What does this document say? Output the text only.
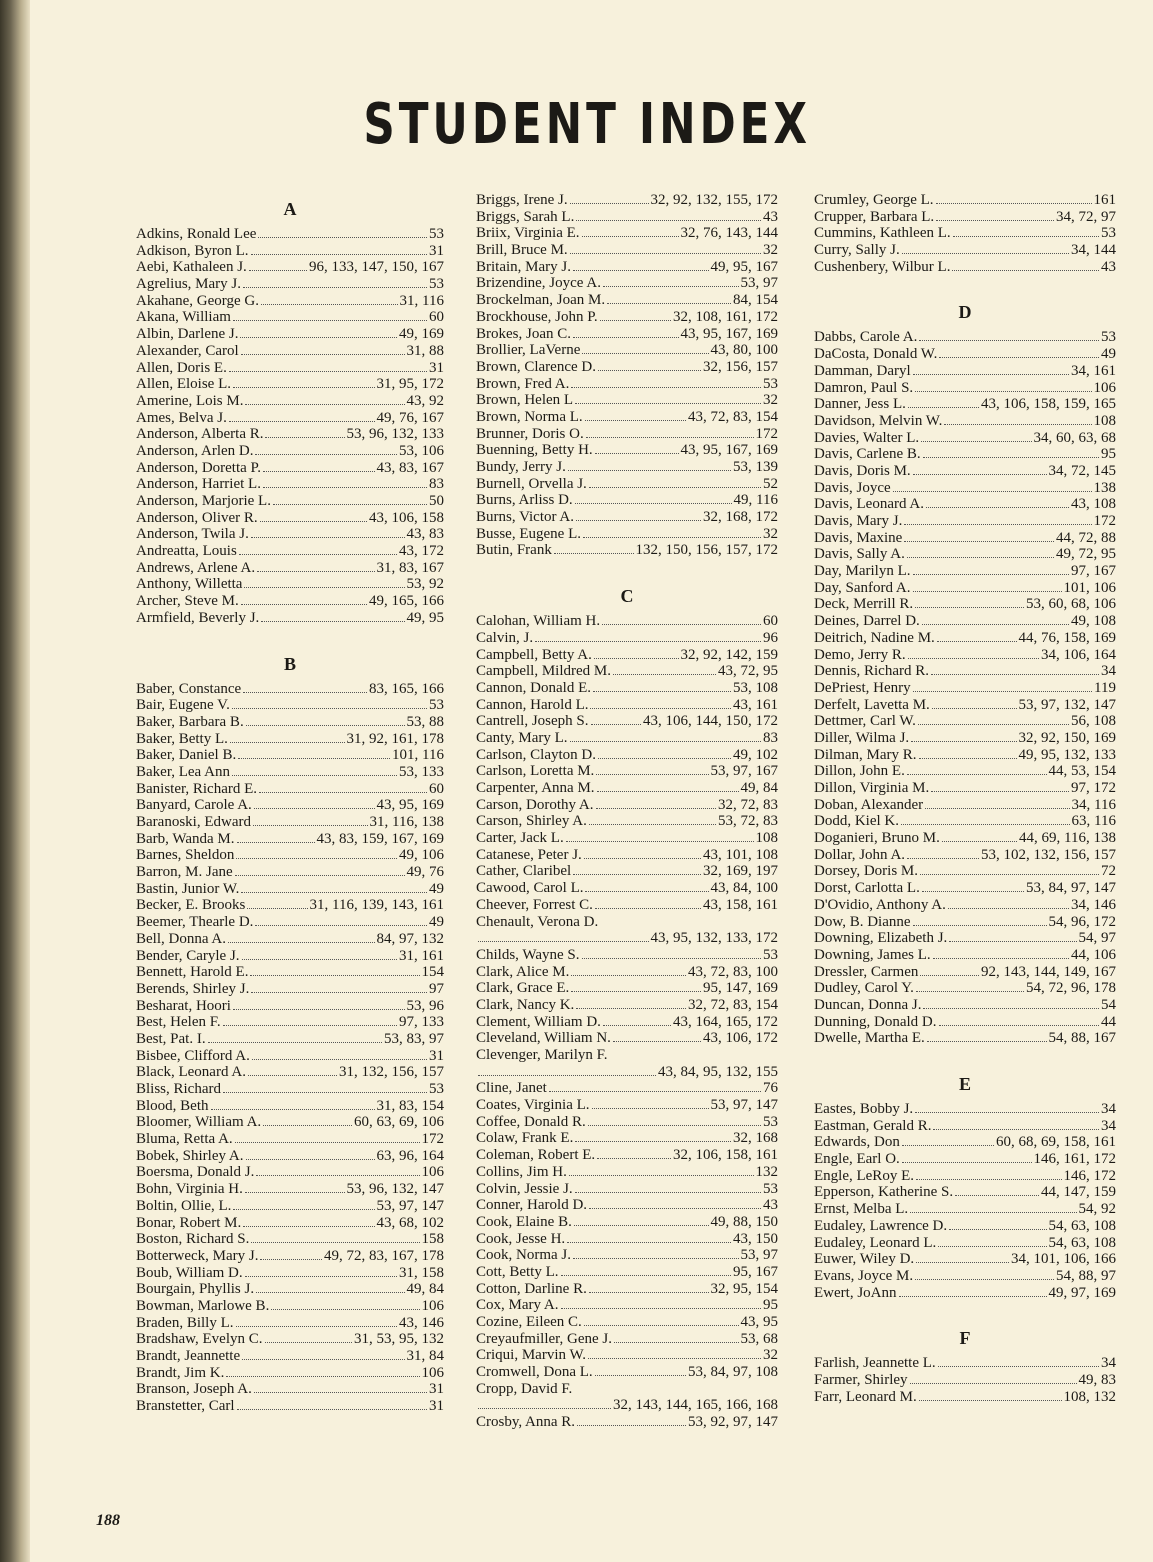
STUDENT INDEX
A
Adkins, Ronald Lee	53
Adkison, Byron L.	31
Aebi, Kathaleen J.	96, 133, 147, 150, 167
Agrelius, Mary J.	53
Akahane, George G.	31, 116
Akana, William	60
Albin, Darlene J.	49, 169
Alexander, Carol	31, 88
Allen, Doris E.	31
Allen, Eloise L.	31, 95, 172
Amerine, Lois M.	43, 92
Ames, Belva J.	49, 76, 167
Anderson, Alberta R.	53, 96, 132, 133
Anderson, Arlen D.	53, 106
Anderson, Doretta P.	43, 83, 167
Anderson, Harriet L.	83
Anderson, Marjorie L.	50
Anderson, Oliver R.	43, 106, 158
Anderson, Twila J.	43, 83
Andreatta, Louis	43, 172
Andrews, Arlene A.	31, 83, 167
Anthony, Willetta	53, 92
Archer, Steve M.	49, 165, 166
Armfield, Beverly J.	49, 95
B
Baber, Constance	83, 165, 166
Bair, Eugene V.	53
Baker, Barbara B.	53, 88
Baker, Betty L.	31, 92, 161, 178
Baker, Daniel B.	101, 116
Baker, Lea Ann	53, 133
Banister, Richard E.	60
Banyard, Carole A.	43, 95, 169
Baranoski, Edward	31, 116, 138
Barb, Wanda M.	43, 83, 159, 167, 169
Barnes, Sheldon	49, 106
Barron, M. Jane	49, 76
Bastin, Junior W.	49
Becker, E. Brooks	31, 116, 139, 143, 161
Beemer, Thearle D.	49
Bell, Donna A.	84, 97, 132
Bender, Caryle J.	31, 161
Bennett, Harold E.	154
Berends, Shirley J.	97
Besharat, Hoori	53, 96
Best, Helen F.	97, 133
Best, Pat. I.	53, 83, 97
Bisbee, Clifford A.	31
Black, Leonard A.	31, 132, 156, 157
Bliss, Richard	53
Blood, Beth	31, 83, 154
Bloomer, William A.	60, 63, 69, 106
Bluma, Retta A.	172
Bobek, Shirley A.	63, 96, 164
Boersma, Donald J.	106
Bohn, Virginia H.	53, 96, 132, 147
Boltin, Ollie, L.	53, 97, 147
Bonar, Robert M.	43, 68, 102
Boston, Richard S.	158
Botterweck, Mary J.	49, 72, 83, 167, 178
Boub, William D.	31, 158
Bourgain, Phyllis J.	49, 84
Bowman, Marlowe B.	106
Braden, Billy L.	43, 146
Bradshaw, Evelyn C.	31, 53, 95, 132
Brandt, Jeannette	31, 84
Brandt, Jim K.	106
Branson, Joseph A.	31
Branstetter, Carl	31
Briggs, Irene J.	32, 92, 132, 155, 172
Briggs, Sarah L.	43
Briix, Virginia E.	32, 76, 143, 144
Brill, Bruce M.	32
Britain, Mary J.	49, 95, 167
Brizendine, Joyce A.	53, 97
Brockelman, Joan M.	84, 154
Brockhouse, John P.	32, 108, 161, 172
Brokes, Joan C.	43, 95, 167, 169
Brollier, LaVerne	43, 80, 100
Brown, Clarence D.	32, 156, 157
Brown, Fred A.	53
Brown, Helen L	32
Brown, Norma L.	43, 72, 83, 154
Brunner, Doris O.	172
Buenning, Betty H.	43, 95, 167, 169
Bundy, Jerry J.	53, 139
Burnell, Orvella J.	52
Burns, Arliss D.	49, 116
Burns, Victor A.	32, 168, 172
Busse, Eugene L.	32
Butin, Frank	132, 150, 156, 157, 172
C
Calohan, William H.	60
Calvin, J.	96
Campbell, Betty A.	32, 92, 142, 159
Campbell, Mildred M.	43, 72, 95
Cannon, Donald E.	53, 108
Cannon, Harold L.	43, 161
Cantrell, Joseph S.	43, 106, 144, 150, 172
Canty, Mary L.	83
Carlson, Clayton D.	49, 102
Carlson, Loretta M.	53, 97, 167
Carpenter, Anna M.	49, 84
Carson, Dorothy A.	32, 72, 83
Carson, Shirley A.	53, 72, 83
Carter, Jack L.	108
Catanese, Peter J.	43, 101, 108
Cather, Claribel	32, 169, 197
Cawood, Carol L.	43, 84, 100
Cheever, Forrest C.	43, 158, 161
Chenault, Verona D.
43, 95, 132, 133, 172
Childs, Wayne S.	53
Clark, Alice M.	43, 72, 83, 100
Clark, Grace E.	95, 147, 169
Clark, Nancy K.	32, 72, 83, 154
Clement, William D.	43, 164, 165, 172
Cleveland, William N.	43, 106, 172
Clevenger, Marilyn F.
43, 84, 95, 132, 155
Cline, Janet	76
Coates, Virginia L.	53, 97, 147
Coffee, Donald R.	53
Colaw, Frank E.	32, 168
Coleman, Robert E.	32, 106, 158, 161
Collins, Jim H.	132
Colvin, Jessie J.	53
Conner, Harold D.	43
Cook, Elaine B.	49, 88, 150
Cook, Jesse H.	43, 150
Cook, Norma J.	53, 97
Cott, Betty L.	95, 167
Cotton, Darline R.	32, 95, 154
Cox, Mary A.	95
Cozine, Eileen C.	43, 95
Creyaufmiller, Gene J.	53, 68
Criqui, Marvin W.	32
Cromwell, Dona L.	53, 84, 97, 108
Cropp, David F.
32, 143, 144, 165, 166, 168
Crosby, Anna R.	53, 92, 97, 147
Crumley, George L.	161
Crupper, Barbara L.	34, 72, 97
Cummins, Kathleen L.	53
Curry, Sally J.	34, 144
Cushenbery, Wilbur L.	43
D
Dabbs, Carole A.	53
DaCosta, Donald W.	49
Damman, Daryl	34, 161
Damron, Paul S.	106
Danner, Jess L.	43, 106, 158, 159, 165
Davidson, Melvin W.	108
Davies, Walter L.	34, 60, 63, 68
Davis, Carlene B.	95
Davis, Doris M.	34, 72, 145
Davis, Joyce	138
Davis, Leonard A.	43, 108
Davis, Mary J.	172
Davis, Maxine	44, 72, 88
Davis, Sally A.	49, 72, 95
Day, Marilyn L.	97, 167
Day, Sanford A.	101, 106
Deck, Merrill R.	53, 60, 68, 106
Deines, Darrel D.	49, 108
Deitrich, Nadine M.	44, 76, 158, 169
Demo, Jerry R.	34, 106, 164
Dennis, Richard R.	34
DePriest, Henry	119
Derfelt, Lavetta M.	53, 97, 132, 147
Dettmer, Carl W.	56, 108
Diller, Wilma J.	32, 92, 150, 169
Dilman, Mary R.	49, 95, 132, 133
Dillon, John E.	44, 53, 154
Dillon, Virginia M.	97, 172
Doban, Alexander	34, 116
Dodd, Kiel K.	63, 116
Doganieri, Bruno M.	44, 69, 116, 138
Dollar, John A.	53, 102, 132, 156, 157
Dorsey, Doris M.	72
Dorst, Carlotta L.	53, 84, 97, 147
D'Ovidio, Anthony A.	34, 146
Dow, B. Dianne	54, 96, 172
Downing, Elizabeth J.	54, 97
Downing, James L.	44, 106
Dressler, Carmen	92, 143, 144, 149, 167
Dudley, Carol Y.	54, 72, 96, 178
Duncan, Donna J.	54
Dunning, Donald D.	44
Dwelle, Martha E.	54, 88, 167
E
Eastes, Bobby J.	34
Eastman, Gerald R.	34
Edwards, Don	60, 68, 69, 158, 161
Engle, Earl O.	146, 161, 172
Engle, LeRoy E.	146, 172
Epperson, Katherine S.	44, 147, 159
Ernst, Melba L.	54, 92
Eudaley, Lawrence D.	54, 63, 108
Eudaley, Leonard L.	54, 63, 108
Euwer, Wiley D.	34, 101, 106, 166
Evans, Joyce M.	54, 88, 97
Ewert, JoAnn	49, 97, 169
F
Farlish, Jeannette L.	34
Farmer, Shirley	49, 83
Farr, Leonard M.	108, 132
188
